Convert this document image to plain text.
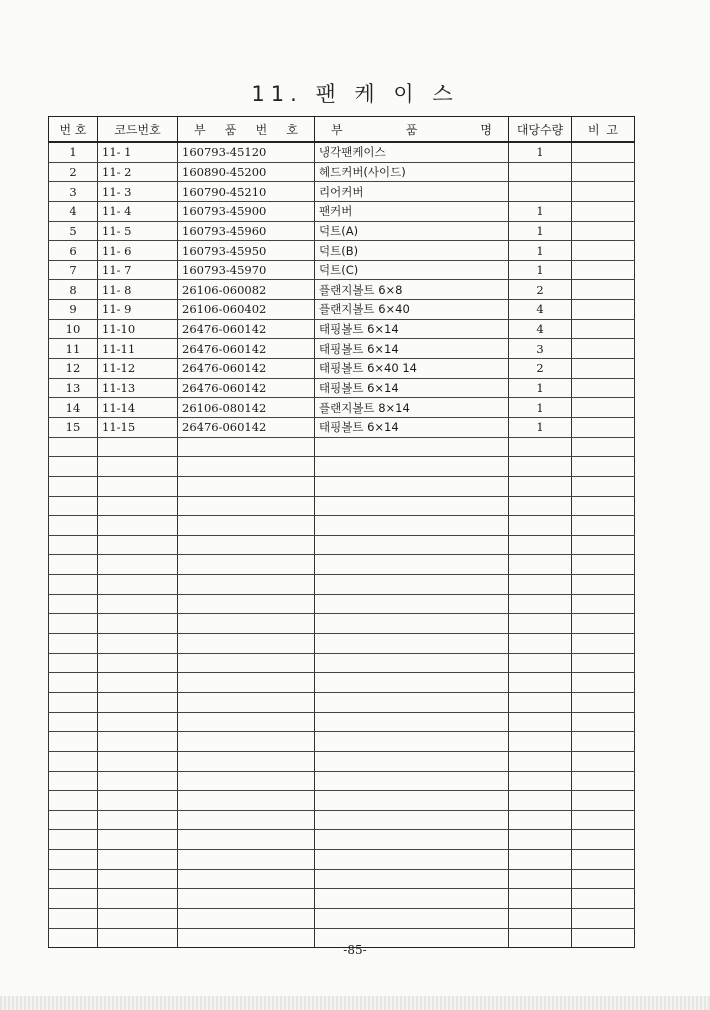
11. 팬 케 이 스
번 호	코드번호	부 품 번 호	부 품 명	대당수량	비 고
1	11- 1	160793-45120	냉각팬케이스	1	
2	11- 2	160890-45200	헤드커버(사이드)		
3	11- 3	160790-45210	리어커버		
4	11- 4	160793-45900	팬커버	1	
5	11- 5	160793-45960	덕트(A)	1	
6	11- 6	160793-45950	덕트(B)	1	
7	11- 7	160793-45970	덕트(C)	1	
8	11- 8	26106-060082	플랜지볼트 6×8	2	
9	11- 9	26106-060402	플랜지볼트 6×40	4	
10	11-10	26476-060142	태핑볼트 6×14	4	
11	11-11	26476-060142	태핑볼트 6×14	3	
12	11-12	26476-060142	태핑볼트 6×40 14	2	
13	11-13	26476-060142	태핑볼트 6×14	1	
14	11-14	26106-080142	플랜지볼트 8×14	1	
15	11-15	26476-060142	태핑볼트 6×14	1	

-85-
